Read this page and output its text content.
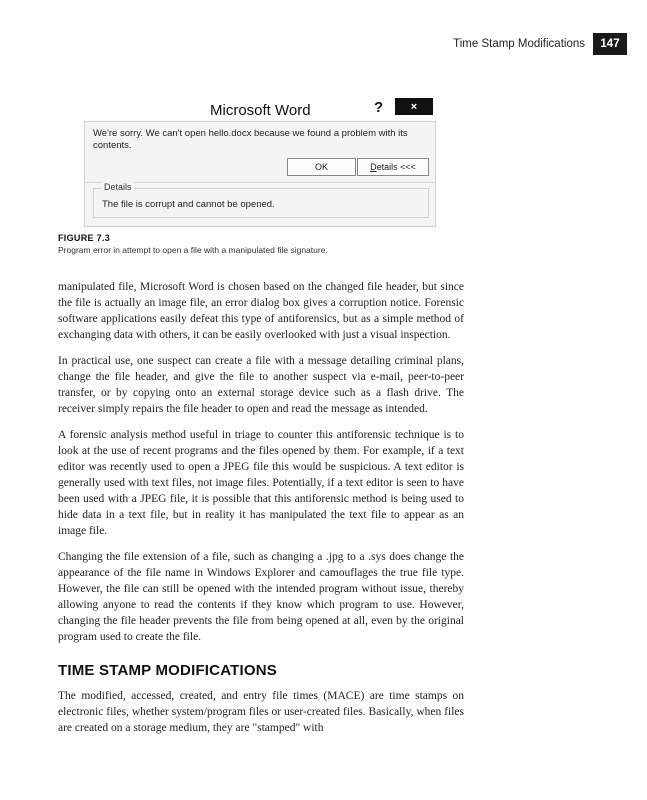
Time Stamp Modifications	147
Microsoft Word	?	×
We're sorry. We can't open hello.docx because we found a problem with its contents.
OK	D etails <<<
Details
The file is corrupt and cannot be opened.
FIGURE 7.3
Program error in attempt to open a file with a manipulated file signature.

manipulated file, Microsoft Word is chosen based on the changed file header, but since the file is actually an image file, an error dialog box gives a corruption notice. Forensic software applications easily defeat this type of antiforensics, but as a simple method of exchanging data with others, it can be easily overlooked with just a visual inspection.

In practical use, one suspect can create a file with a message detailing criminal plans, change the file header, and give the file to another suspect via e-mail, peer-to-peer transfer, or by copying onto an external storage device such as a flash drive. The receiver simply repairs the file header to open and read the message as intended.

A forensic analysis method useful in triage to counter this antiforensic technique is to look at the use of recent programs and the files opened by them. For example, if a text editor was recently used to open a JPEG file this would be suspicious. A text editor is generally used with text files, not image files. Potentially, if a text editor is seen to have been used with a JPEG file, it is possible that this antiforensic method is being used to hide data in a text file, but in reality it has manipulated the text file to appear as an image file.

Changing the file extension of a file, such as changing a .jpg to a .sys does change the appearance of the file name in Windows Explorer and camouflages the true file type. However, the file can still be opened with the intended program without issue, thereby allowing anyone to read the contents if they know which program to use. However, changing the file header prevents the file from being opened at all, even by the original program used to create the file.

TIME STAMP MODIFICATIONS

The modified, accessed, created, and entry file times (MACE) are time stamps on electronic files, whether system/program files or user-created files. Basically, when files are created on a storage medium, they are "stamped" with
